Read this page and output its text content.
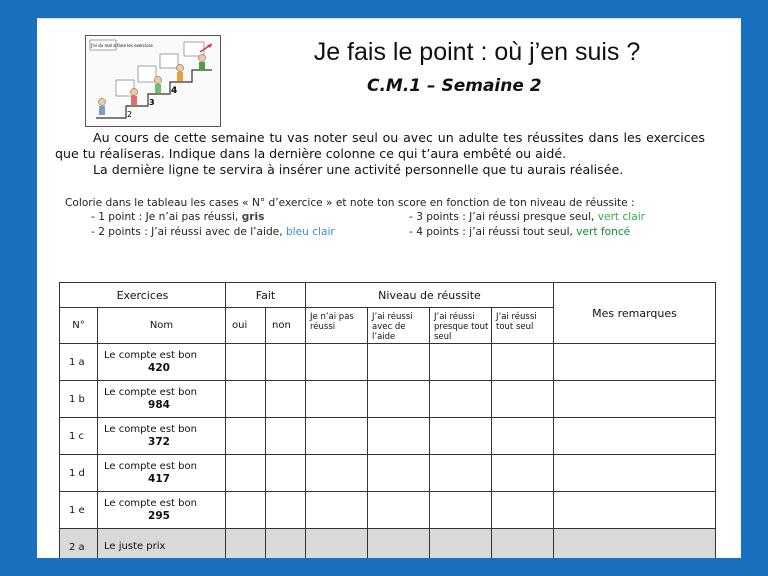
2
3
4
J'ai du mal à faire les exercices	Je fais le point : où j’en suis ?
C.M.1 – Semaine 2

Au cours de cette semaine tu vas noter seul ou avec un adulte tes réussites dans les exercices que tu réaliseras. Indique dans la dernière colonne ce qui t’aura embêté ou aidé.

La dernière ligne te servira à insérer une activité personnelle que tu aurais réalisée.

Colorie dans le tableau les cases « N° d’exercice » et note ton score en fonction de ton niveau de réussite :

- 1 point : Je n’ai pas réussi, gris	- 3 points : J’ai réussi presque seul, vert clair
- 2 points : J’ai réussi avec de l’aide, bleu clair	- 4 points : j’ai réussi tout seul, vert foncé
Exercices		Fait		Niveau de réussite				Mes remarques
N°	Nom	oui	non	Je n’ai pas réussi	J’ai réussi avec de l’aide	J’ai réussi presque tout seul	J’ai réussi tout seul	
1 a	Le compte est bon
420							

1 b	Le compte est bon
984							

1 c	Le compte est bon
372							

1 d	Le compte est bon
417							

1 e	Le compte est bon
295							

2 a	Le juste prix							
